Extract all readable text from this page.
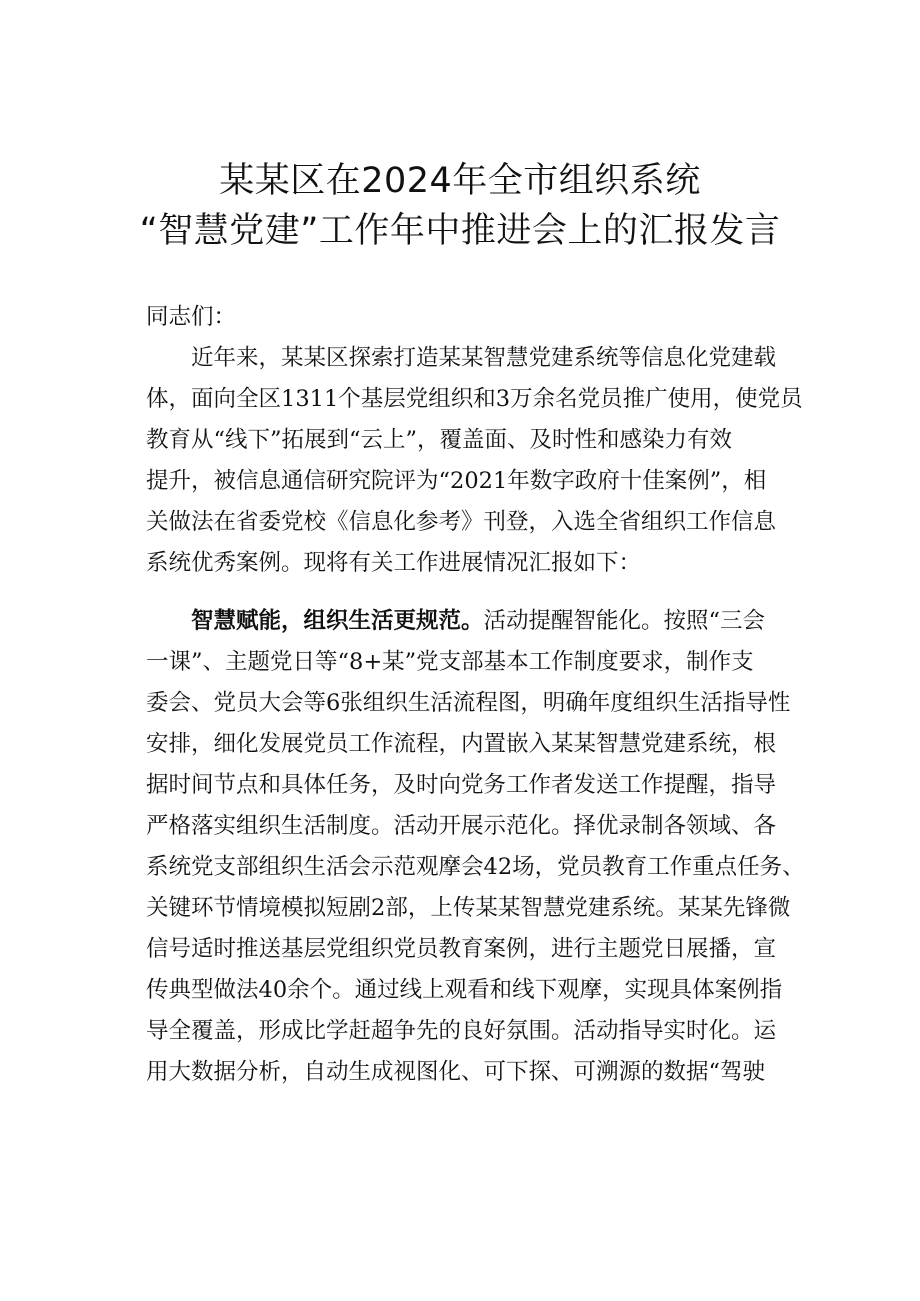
某某区在2024年全市组织系统
“智慧党建”工作年中推进会上的汇报发言
同志们：
近年来，某某区探索打造某某智慧党建系统等信息化党建载
体，面向全区1311个基层党组织和3万余名党员推广使用，使党员
教育从“线下”拓展到“云上”，覆盖面、及时性和感染力有效
提升，被信息通信研究院评为“2021年数字政府十佳案例”，相
关做法在省委党校《信息化参考》刊登，入选全省组织工作信息
系统优秀案例。现将有关工作进展情况汇报如下：
智慧赋能，组织生活更规范。活动提醒智能化。按照“三会
一课”、主题党日等“8+某”党支部基本工作制度要求，制作支
委会、党员大会等6张组织生活流程图，明确年度组织生活指导性
安排，细化发展党员工作流程，内置嵌入某某智慧党建系统，根
据时间节点和具体任务，及时向党务工作者发送工作提醒，指导
严格落实组织生活制度。活动开展示范化。择优录制各领域、各
系统党支部组织生活会示范观摩会42场，党员教育工作重点任务、
关键环节情境模拟短剧2部，上传某某智慧党建系统。某某先锋微
信号适时推送基层党组织党员教育案例，进行主题党日展播，宣
传典型做法40余个。通过线上观看和线下观摩，实现具体案例指
导全覆盖，形成比学赶超争先的良好氛围。活动指导实时化。运
用大数据分析，自动生成视图化、可下探、可溯源的数据“驾驶
